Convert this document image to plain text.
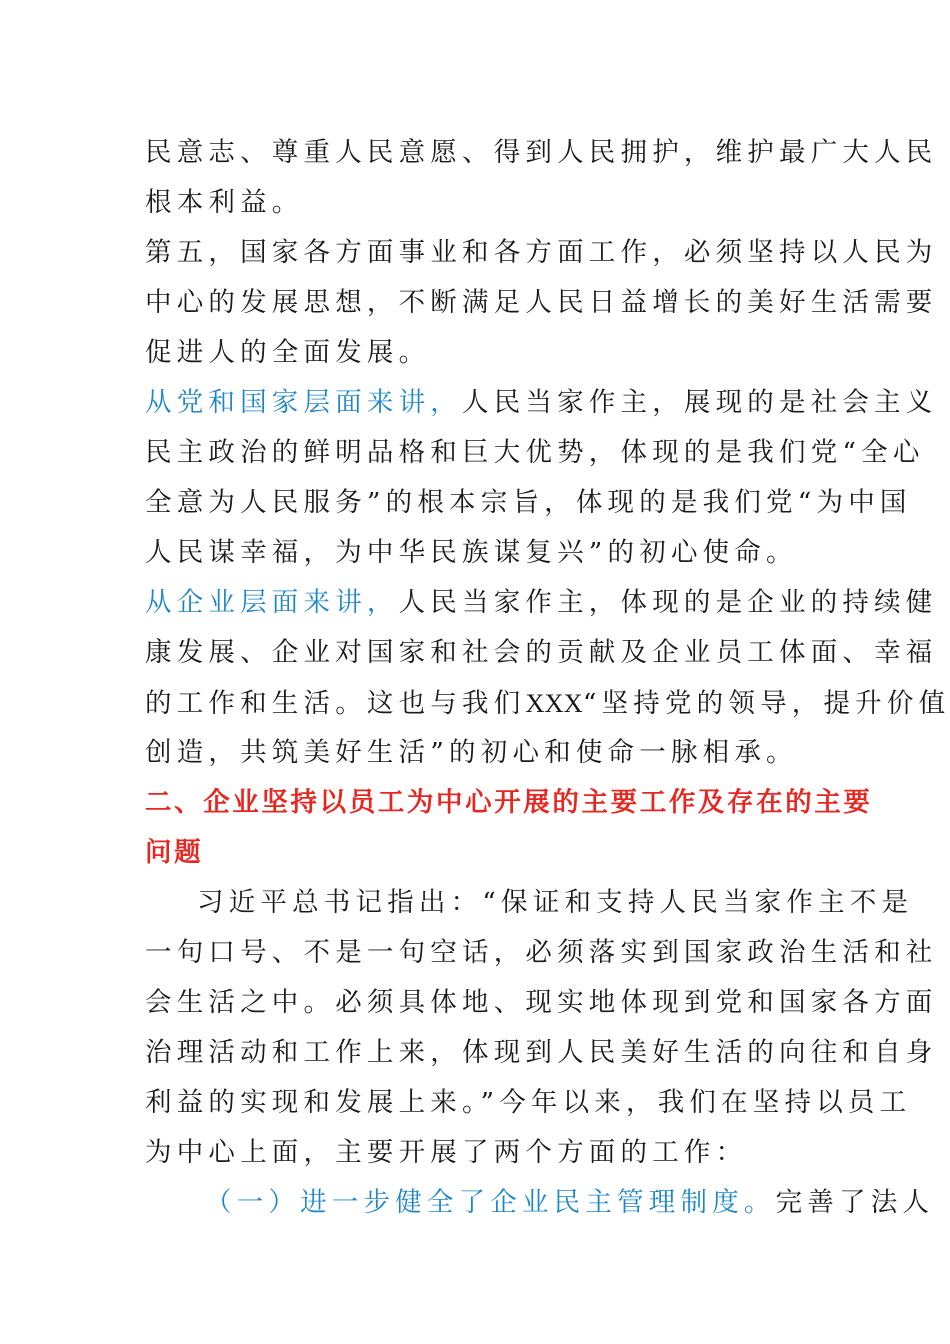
民意志、尊重人民意愿、得到人民拥护，维护最广大人民
根本利益。
第五，国家各方面事业和各方面工作，必须坚持以人民为
中心的发展思想，不断满足人民日益增长的美好生活需要
促进人的全面发展。
从党和国家层面来讲，人民当家作主，展现的是社会主义
民主政治的鲜明品格和巨大优势，体现的是我们党“全心
全意为人民服务”的根本宗旨，体现的是我们党“为中国
人民谋幸福，为中华民族谋复兴”的初心使命。
从企业层面来讲，人民当家作主，体现的是企业的持续健
康发展、企业对国家和社会的贡献及企业员工体面、幸福
的工作和生活。这也与我们XXX“坚持党的领导，提升价值
创造，共筑美好生活”的初心和使命一脉相承。
二、企业坚持以员工为中心开展的主要工作及存在的主要
问题
习近平总书记指出：“保证和支持人民当家作主不是
一句口号、不是一句空话，必须落实到国家政治生活和社
会生活之中。必须具体地、现实地体现到党和国家各方面
治理活动和工作上来，体现到人民美好生活的向往和自身
利益的实现和发展上来。”今年以来，我们在坚持以员工
为中心上面，主要开展了两个方面的工作：
（一）进一步健全了企业民主管理制度。完善了法人
